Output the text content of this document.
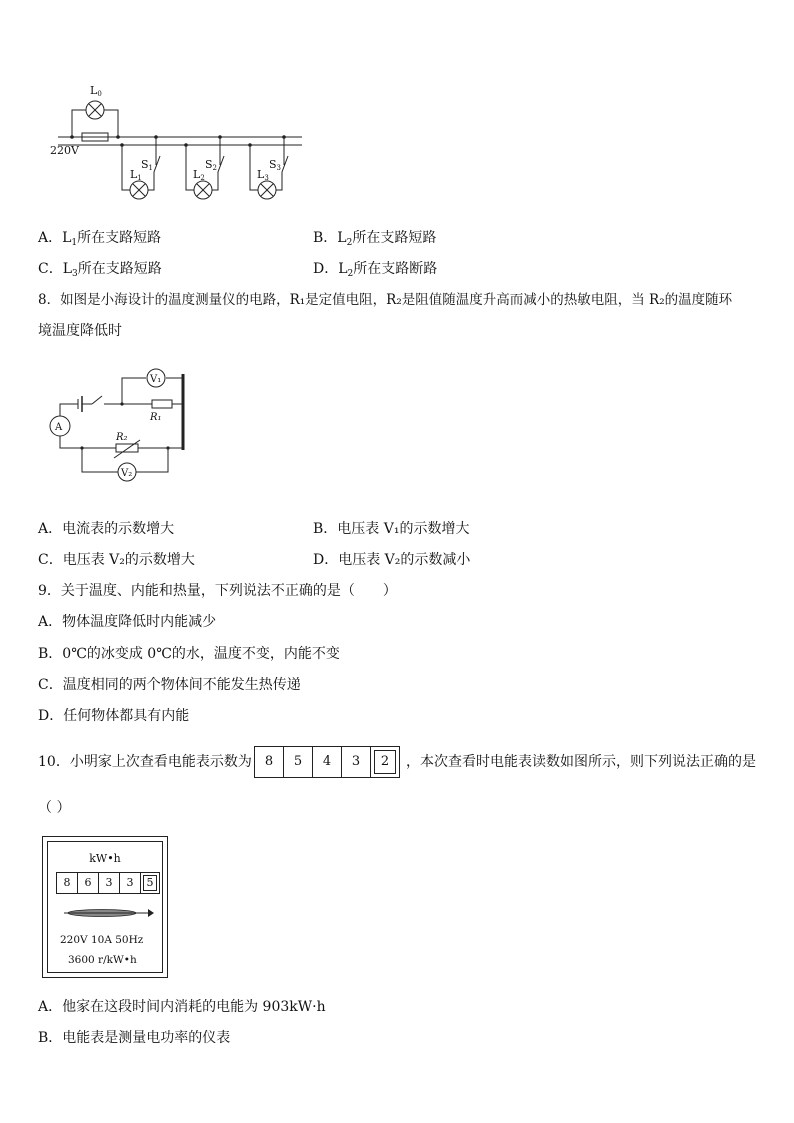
L0
220V
S1	S2	S3
L1	L2	L3
A．$L_1$所在支路短路	B．$L_2$所在支路短路
C．$L_3$所在支路短路	D．$L_2$所在支路断路
8．如图是小海设计的温度测量仪的电路，R₁是定值电阻，R₂是阻值随温度升高而减小的热敏电阻，当 R₂的温度随环
境温度降低时
A
V₁
V₂
R₁
R₂
A．电流表的示数增大	B．电压表 V₁的示数增大
C．电压表 V₂的示数增大	D．电压表 V₂的示数减小
9．关于温度、内能和热量，下列说法不正确的是（　　）
A．物体温度降低时内能减少
B．0℃的冰变成 0℃的水，温度不变，内能不变
C．温度相同的两个物体间不能发生热传递
D．任何物体都具有内能
10．小明家上次查看电能表示数为	8	5	4	3	2	，本次查看时电能表读数如图所示，则下列说法正确的是
（ ）
kW•h
8	6	3	3	5
220V 10A 50Hz
3600 r/kW•h
A．他家在这段时间内消耗的电能为 903kW·h
B．电能表是测量电功率的仪表
